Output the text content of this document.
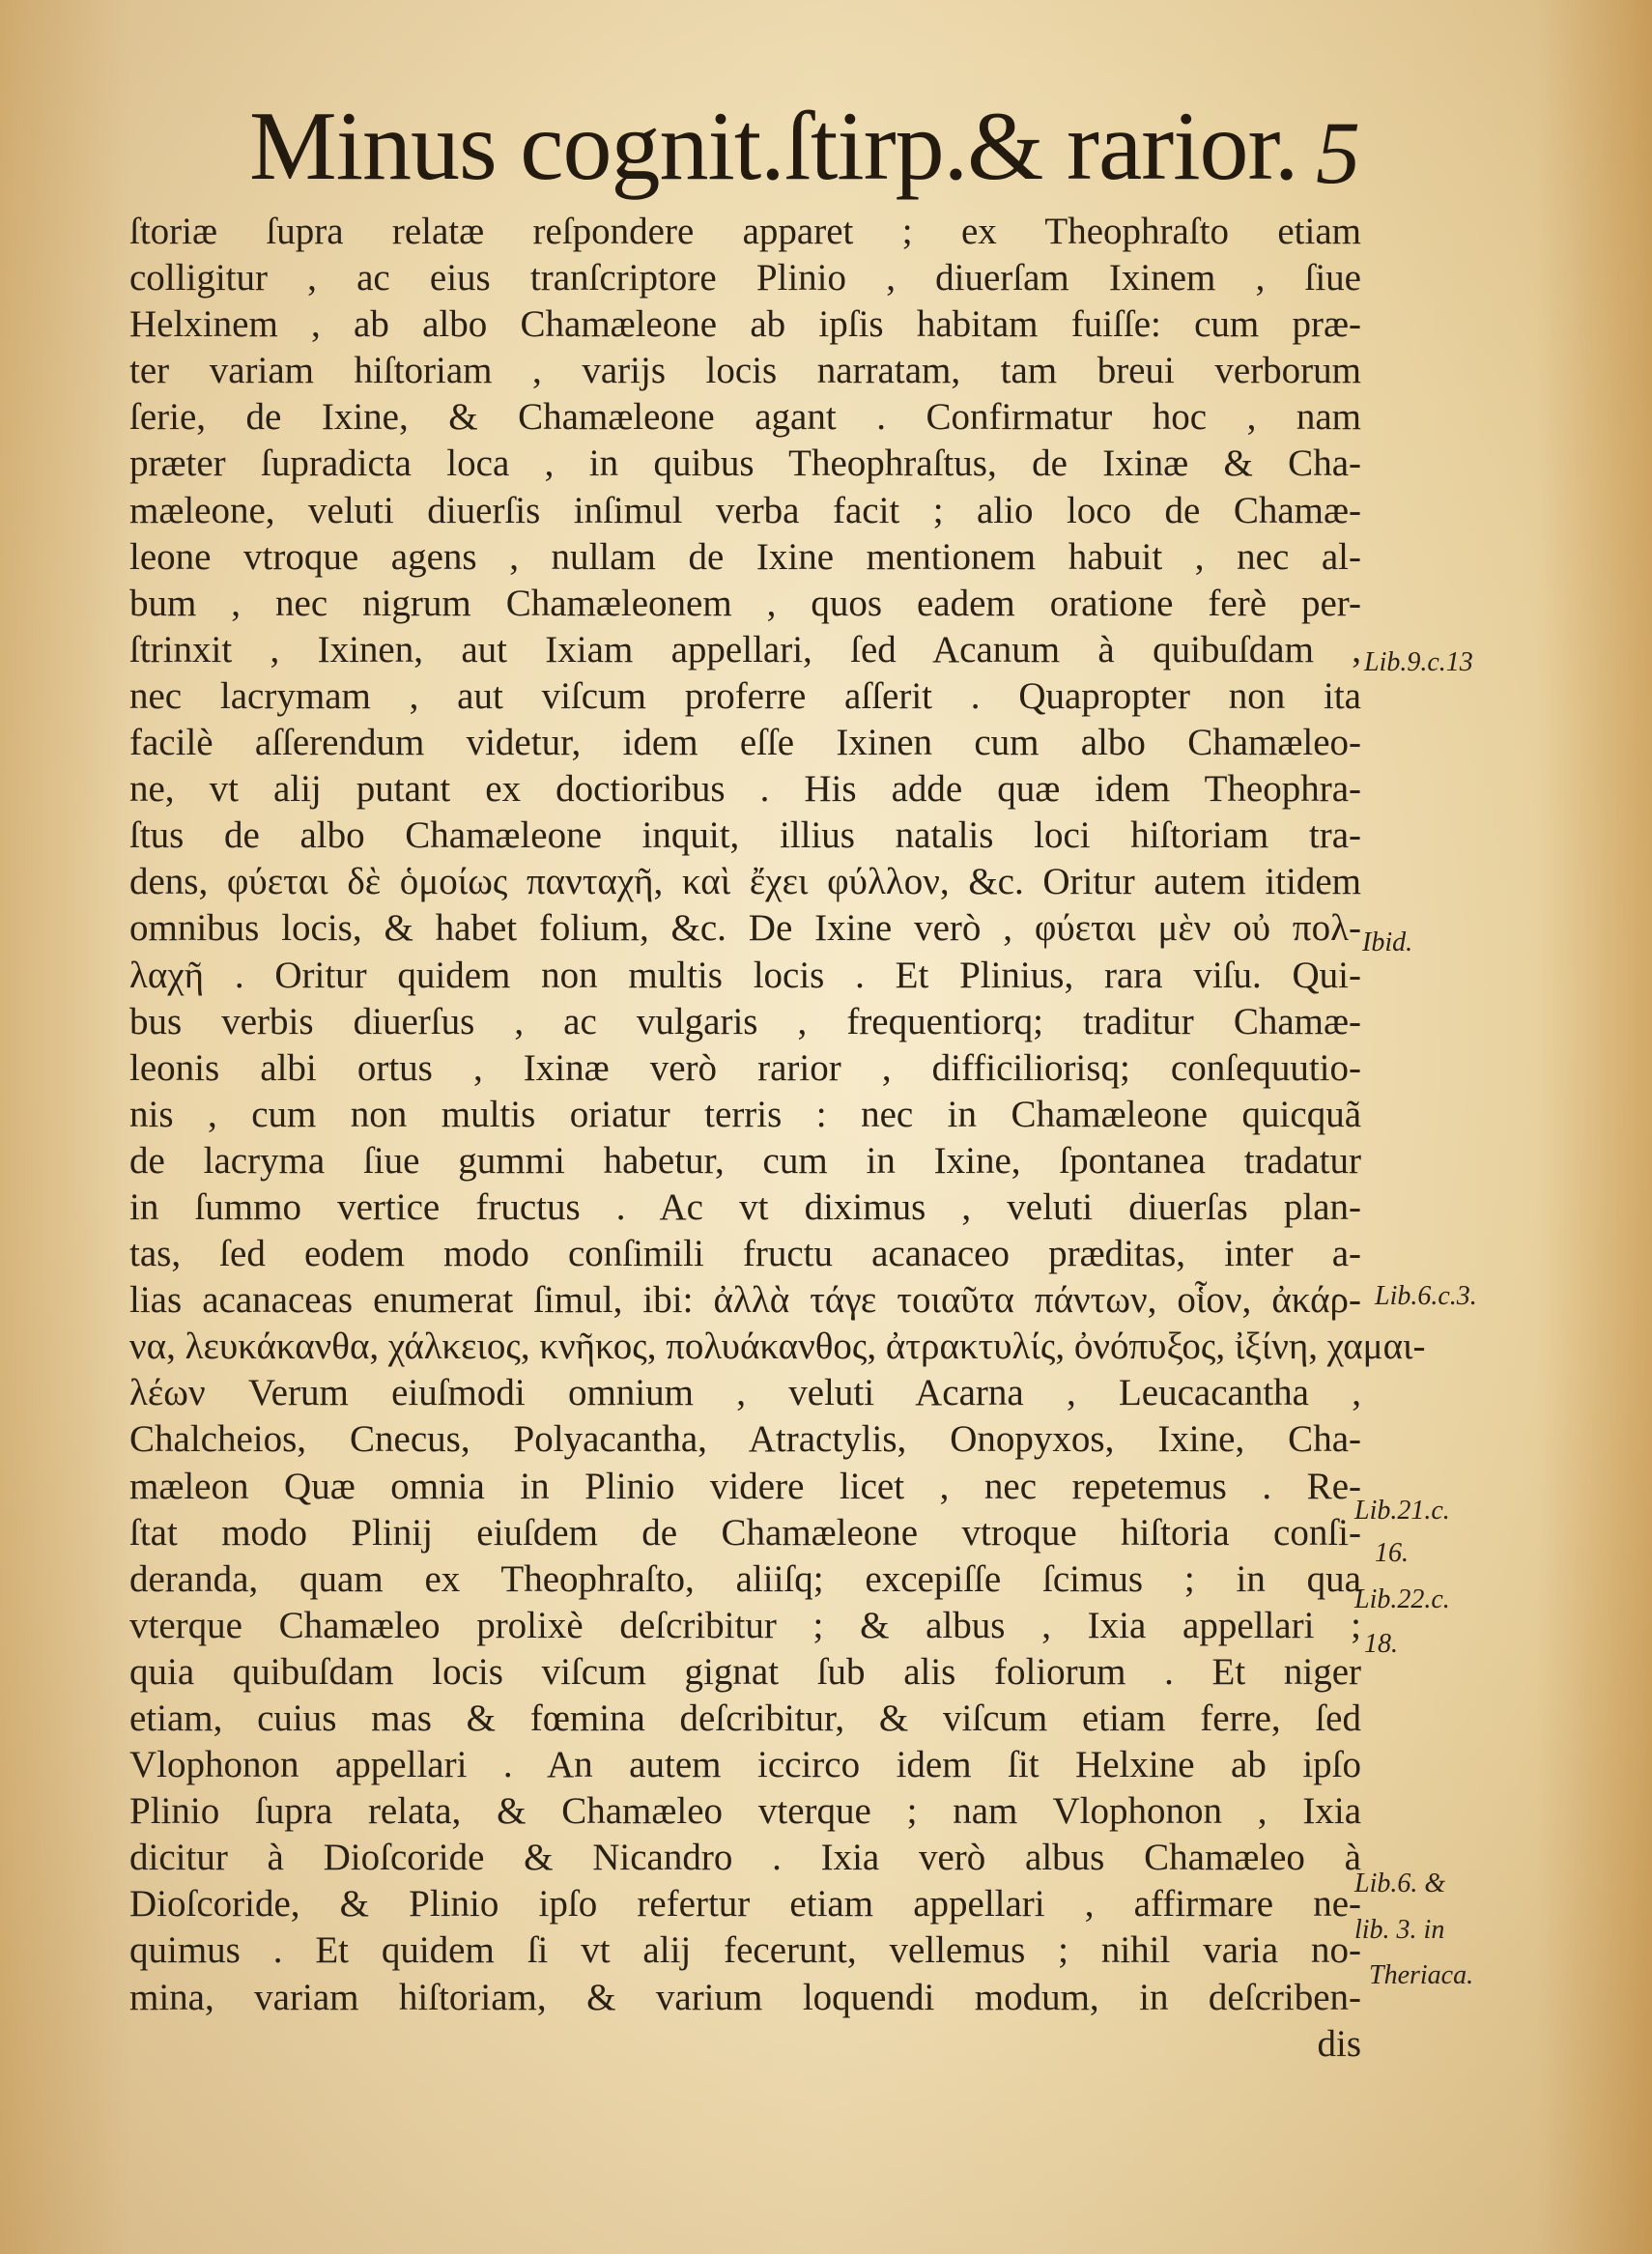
Minus cognit.ſtirp.& rarior. 5
ſtoriæ ſupra relatæ reſpondere apparet ; ex Theophraſto etiam
colligitur , ac eius tranſcriptore Plinio , diuerſam Ixinem , ſiue
Helxinem , ab albo Chamæleone ab ipſis habitam fuiſſe: cum præ-
ter variam hiſtoriam , varijs locis narratam, tam breui verborum
ſerie, de Ixine, & Chamæleone agant . Confirmatur hoc , nam
præter ſupradicta loca , in quibus Theophraſtus, de Ixinæ & Cha-
mæleone, veluti diuerſis inſimul verba facit ; alio loco de Chamæ-
leone vtroque agens , nullam de Ixine mentionem habuit , nec al-
bum , nec nigrum Chamæleonem , quos eadem oratione ferè per-
ſtrinxit , Ixinen, aut Ixiam appellari, ſed Acanum à quibuſdam ,
nec lacrymam , aut viſcum proferre aſſerit . Quapropter non ita
facilè aſſerendum videtur, idem eſſe Ixinen cum albo Chamæleo-
ne, vt alij putant ex doctioribus . His adde quæ idem Theophra-
ſtus de albo Chamæleone inquit, illius natalis loci hiſtoriam tra-
dens, φύεται δὲ ὁμοίως πανταχῆ, καὶ ἔχει φύλλον, &c. Oritur autem itidem
omnibus locis, & habet folium, &c. De Ixine verò , φύεται μὲν οὐ πολ-
λαχῆ . Oritur quidem non multis locis . Et Plinius, rara viſu. Qui-
bus verbis diuerſus , ac vulgaris , frequentiorq; traditur Chamæ-
leonis albi ortus , Ixinæ verò rarior , difficiliorisq; conſequutio-
nis , cum non multis oriatur terris : nec in Chamæleone quicquã
de lacryma ſiue gummi habetur, cum in Ixine, ſpontanea tradatur
in ſummo vertice fructus . Ac vt diximus , veluti diuerſas plan-
tas, ſed eodem modo conſimili fructu acanaceo præditas, inter a-
lias acanaceas enumerat ſimul, ibi: ἀλλὰ τάγε τοιαῦτα πάντων, οἷον, ἀκάρ-
να, λευκάκανθα, χάλκειος, κνῆκος, πολυάκανθος, ἀτρακτυλίς, ὀνόπυξος, ἰξίνη, χαμαι-
λέων Verum eiuſmodi omnium , veluti Acarna , Leucacantha ,
Chalcheios, Cnecus, Polyacantha, Atractylis, Onopyxos, Ixine, Cha-
mæleon Quæ omnia in Plinio videre licet , nec repetemus . Re-
ſtat modo Plinij eiuſdem de Chamæleone vtroque hiſtoria conſi-
deranda, quam ex Theophraſto, aliiſq; excepiſſe ſcimus ; in qua
vterque Chamæleo prolixè deſcribitur ; & albus , Ixia appellari ;
quia quibuſdam locis viſcum gignat ſub alis foliorum . Et niger
etiam, cuius mas & fœmina deſcribitur, & viſcum etiam ferre, ſed
Vlophonon appellari . An autem iccirco idem ſit Helxine ab ipſo
Plinio ſupra relata, & Chamæleo vterque ; nam Vlophonon , Ixia
dicitur à Dioſcoride & Nicandro . Ixia verò albus Chamæleo à
Dioſcoride, & Plinio ipſo refertur etiam appellari , affirmare ne-
quimus . Et quidem ſi vt alij fecerunt, vellemus ; nihil varia no-
mina, variam hiſtoriam, & varium loquendi modum, in deſcriben-
dis
Lib.9.c.13
Ibid.
Lib.6.c.3.
Lib.21.c.
16.
Lib.22.c.
18.
Lib.6. &
lib. 3. in
Theriaca.
